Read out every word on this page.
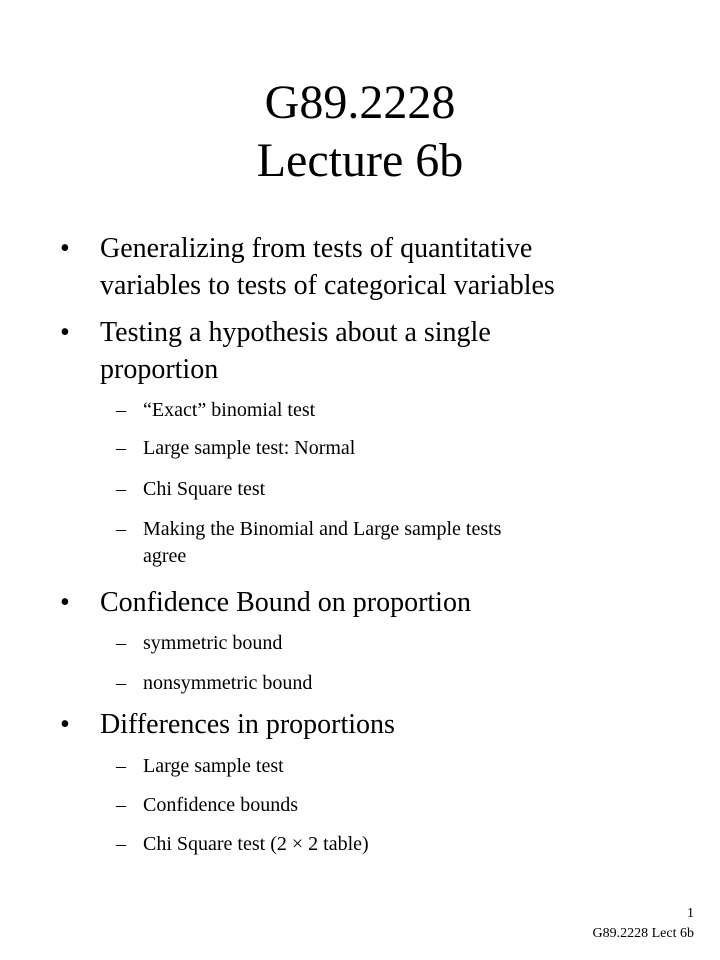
G89.2228
Lecture 6b
• Generalizing from tests of quantitative
variables to tests of categorical variables
• Testing a hypothesis about a single
proportion
– “Exact” binomial test
– Large sample test: Normal
– Chi Square test
– Making the Binomial and Large sample tests
agree
• Confidence Bound on proportion
– symmetric bound
– nonsymmetric bound
• Differences in proportions
– Large sample test
– Confidence bounds
– Chi Square test (2 × 2 table)
1
G89.2228 Lect 6b
